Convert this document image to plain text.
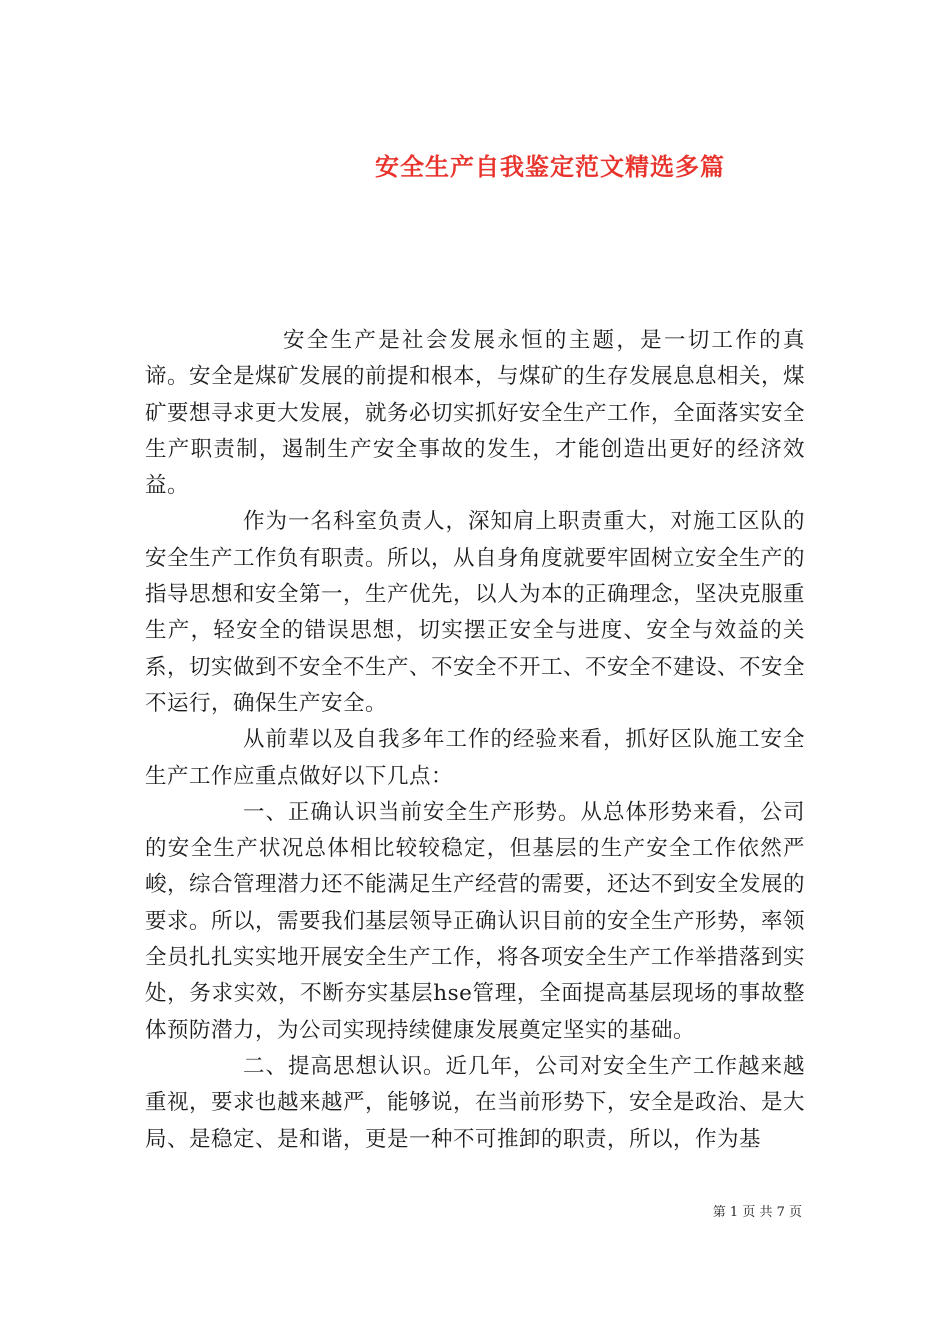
安全生产自我鉴定范文精选多篇

安全生产是社会发展永恒的主题，是一切工作的真谛。安全是煤矿发展的前提和根本，与煤矿的生存发展息息相关，煤矿要想寻求更大发展，就务必切实抓好安全生产工作，全面落实安全生产职责制，遏制生产安全事故的发生，才能创造出更好的经济效益。

作为一名科室负责人，深知肩上职责重大，对施工区队的安全生产工作负有职责。所以，从自身角度就要牢固树立安全生产的指导思想和安全第一，生产优先，以人为本的正确理念，坚决克服重生产，轻安全的错误思想，切实摆正安全与进度、安全与效益的关系，切实做到不安全不生产、不安全不开工、不安全不建设、不安全不运行，确保生产安全。

从前辈以及自我多年工作的经验来看，抓好区队施工安全生产工作应重点做好以下几点：

一、正确认识当前安全生产形势。从总体形势来看，公司的安全生产状况总体相比较较稳定，但基层的生产安全工作依然严峻，综合管理潜力还不能满足生产经营的需要，还达不到安全发展的要求。所以，需要我们基层领导正确认识目前的安全生产形势，率领全员扎扎实实地开展安全生产工作，将各项安全生产工作举措落到实处，务求实效，不断夯实基层hse管理，全面提高基层现场的事故整体预防潜力，为公司实现持续健康发展奠定坚实的基础。

二、提高思想认识。近几年，公司对安全生产工作越来越重视，要求也越来越严，能够说，在当前形势下，安全是政治、是大局、是稳定、是和谐，更是一种不可推卸的职责，所以，作为基

第 1 页 共 7 页
